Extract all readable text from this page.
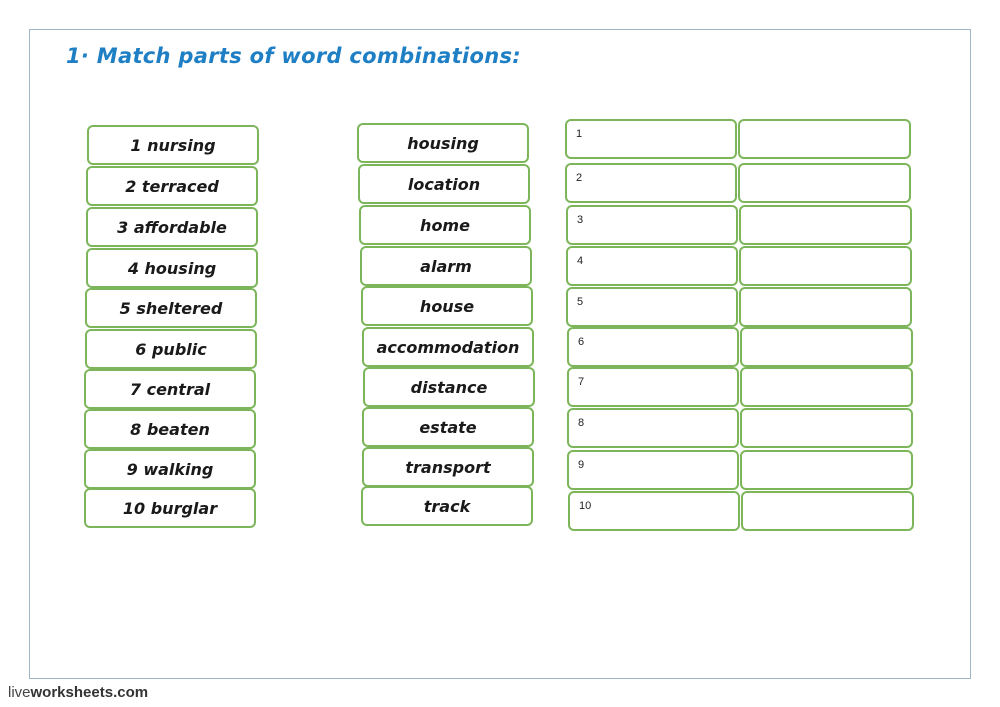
1· Match parts of word combinations:
1 nursing
2 terraced
3 affordable
4 housing
5 sheltered
6 public
7 central
8 beaten
9 walking
10 burglar
housing
location
home
alarm
house
accommodation
distance
estate
transport
track
1
2
3
4
5
6
7
8
9
10
liveworksheets.com
